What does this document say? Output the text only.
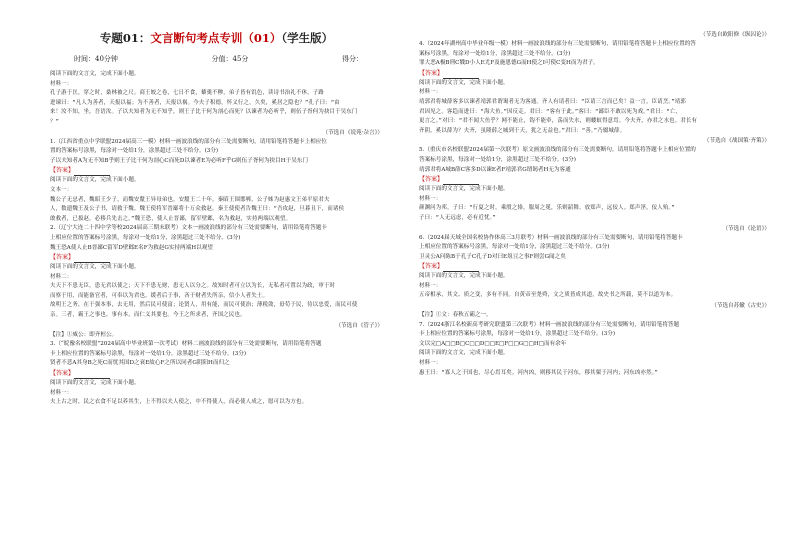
专题01：文言断句考点专训（01）（学生版）
时间：40分钟	分值：45分	得分：
阅读下面的文言文，完成下面小题。
材料一：
孔子游于匡，穿之时，桑林被之尺。商王皎之卷，七日不食，藜羹不糁，弟子皆有饥色，读诗书治礼不休。子路
进谏曰：“凡人为善者，天报以福；为不善者，天报以祸。今夫子积德，怀义行之，久矣，奚居之隐也？”孔子曰：“由
来！汝不知，坐，吾语汝。子以夫知者为无不知乎，则王子比干何为剖心而死？以谏者为必听乎，则伍子胥何为抉目于吴东门
？”
（节选自《说苑·杂言》）
1.（江西省重点中学联盟2024届高三一模）材料一画波浪线的部分有三处需要断句，请用铅笔将答题卡上相应位
置的答案标号涂黑，每涂对一处给1分，涂黑超过三处不给分。(3分)
子以夫知者A为无不知B乎则王子比干何为剖心C而死D以谏者E为必听F乎G则伍子胥何为抉目H于吴东门
【答案】
阅读下面的文言文，完成下面小题。
文本一：
魏公子无忌者，魏昭王少子，而魏安釐王异母弟也。安釐王二十年，秦昭王围邯郸，公子姊为赵惠文王弟平原君夫
人，数遗魏王及公子书，请救于魏。魏王使将军晋鄙将十万众救赵。秦王使使者告魏王曰：“吾攻赵，旦暮且下，而诸侯
敢救者，已拔赵，必移兵先击之。”魏王恐，使人止晋鄙，留军壁邺，名为救赵，实持两端以观望。
2.（辽宁大连二十四中学等校2024届高三期末联考）文本一画波浪线的部分有三处需要断句，请用铅笔将答题卡
上相应位置的答案标号涂黑，每涂对一处给1分，涂黑超过三处不给分。(3分)
魏王恐A使人止B晋鄙C留军D壁邺E名F为救赵G实持两端H以观望
【答案】
阅读下面的文言文，完成下面小题。
材料二：
夫天下不患无臣，患无君以使之；天下不患无财，患无人以分之。故知时者可立以为长，无私者可置以为政，审于时
而察于用，而能备官者，可奉以为君也。缓者后于事，吝于财者失所亲，信小人者失士。
故明王之务，在于强本事，去无用，然后民可使富；论贤人，用有能，而民可使治；薄税敛，毋苟于民，待以忠爱，而民可使
亲。三者，霸王之事也。事有本，而仁义其要也。今王之所求者，齐国之民也。
（节选自《管子》）
【注】①威公：即齐桓公。
3.（“皖豫名校联盟”2024届高中毕业班第一次考试）材料二画波浪线的部分有三处需要断句，请用铅笔将答题
卡上相应位置的答案标号涂黑，每涂对一处给1分，涂黑超过三处不给分。(3分)
贤者不悲A其身B之死C而忧其国D之衰E故心F之所以同者G阴阳H而归之
【答案】
阅读下面的文言文，完成下面小题。
材料一：
夫上古之时，民之衣食不足以养其生，上不得以夫人使之，中不得使人，而必使人成之，愿可以为方也。
（节选自欧阳修《纵囚论》）
4.（2024年湖州高中毕业年级一模）材料一画波浪线的部分有三处需要断句，请用铅笔将答题卡上相应位置的答
案标号涂黑，每涂对一处给1分，涂黑超过三处不给分。(3分)
罪大恶A极B刑C戮D小人E尤F及施恩德G而H使之I可使C变H而为君子。
【答案】
阅读下面的文言文，完成下面小题。
材料一：
靖郭君将城薛客多以谏者靖郭君谓谒者无为客通。齐人有请者曰：“臣请三言而已矣！益一言，臣请烹。”靖郭
君因见之。客趋而进曰：“海大鱼。”因反走。君曰：“客有于此。”客曰：“鄙臣不敢以死为戏。”君曰：“亡，
更言之。”对曰：“君不闻大鱼乎？网不能止，钩不能牵，荡而失水，则蝼蚁得意焉。今夫齐，亦君之水也。君长有
齐阴，奚以薛为？夫齐，虽隆薛之城到于天，犹之无益也。”君曰：“善。”乃辍城薛。
（节选自《战国策·齐策》）
5.（重庆市名校联盟2024届第一次联考）原文画波浪线的部分有三处需要断句，请用铅笔将答题卡上相应位置的
答案标号涂黑，每涂对一处给1分，涂黑超过三处不给分。(3分)
靖郭君将A城B薛C客多D以谏E者F靖郭君G谓谒者H无为客通
【答案】
阅读下面的文言文，完成下面小题。
材料一：
颜渊问为邦。子曰：“行夏之时，乘殷之辂，服周之冕，乐则韶舞。放郑声，远佞人。郑声淫，佞人殆。”
子曰：“人无远虑，必有近忧。”
（节选自《论语》）
6.（2024届天域全国名校协作体高三3月联考）材料一画波浪线的部分有三处需要断句，请用铅笔将答题卡
上相应位置的答案标号涂黑，每涂对一处给1分，涂黑超过三处不给分。(3分)
卫灵公A问陈B于孔子C孔子D对曰E俎豆之事F则尝G闻之矣
【答案】
阅读下面的文言文，完成下面小题。
材料一：
五帝相承，其文、质之变，多有不同。自黄帝至尧舜，文之质皆成其道，故史书之所载，莫不以道为本。
（节选自苏辙《古史》）
【注】①文：春秋五霸之一。
7.（2024浙江名校新高考研究联盟第三次联考）材料一画波浪线的部分有三处需要断句，请用铅笔将答题
卡上相应位置的答案标号涂黑，每涂对一处给1分，涂黑超过三处不给分。(3分)
文以完□A□□B□C□□D□□E□F□□G□□H□而有余年
阅读下面的文言文，完成下面小题。
材料一：
惠王曰：“寡人之于国也，尽心焉耳矣。河内凶，则移其民于河东，移其粟于河内；河东凶亦然。”
